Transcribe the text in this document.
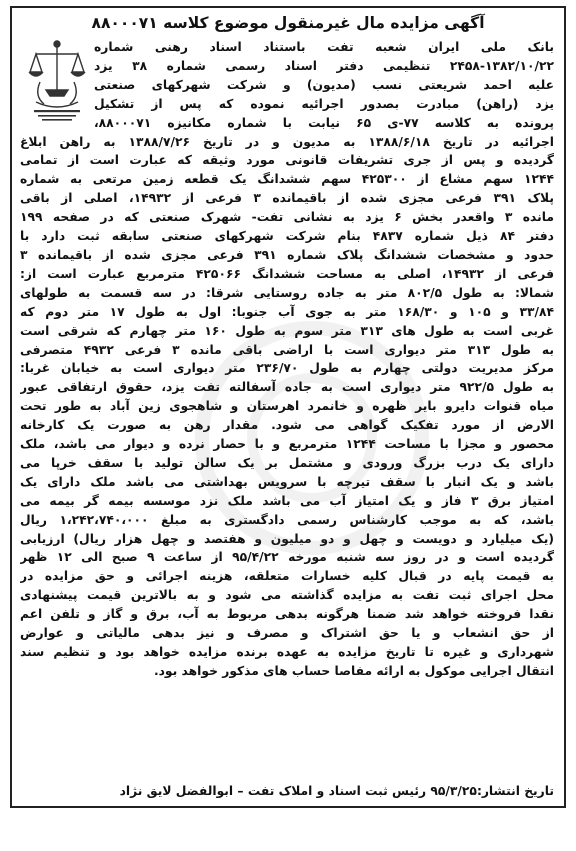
آگهی مزایده مال غیرمنقول موضوع کلاسه ۸۸۰۰۰۷۱
بانک ملی ایران شعبه تفت باستناد اسناد رهنی شماره
۲۴۵۸-۱۳۸۲/۱۰/۲۲ تنظیمی دفتر اسناد رسمی شماره ۳۸ یزد
علیه احمد شریعتی نسب (مدیون) و شرکت شهرکهای صنعتی
یزد (راهن) مبادرت بصدور اجرائیه نموده که پس از تشکیل
پرونده به کلاسه ۷۷-ی ۶۵ نیابت با شماره مکانیزه ۸۸۰۰۰۷۱،
اجرائیه در تاریخ ۱۳۸۸/۶/۱۸ به مدیون و در تاریخ ۱۳۸۸/۷/۲۶ به راهن ابلاغ
گردیده و پس از جری تشریفات قانونی مورد وثیقه که عبارت است از تمامی
۱۲۴۴ سهم مشاع از ۴۲۵۳۰۰ سهم ششدانگ یک قطعه زمین مرتعی به شماره
پلاک ۳۹۱ فرعی مجزی شده از باقیمانده ۳ فرعی از ۱۴۹۳۲، اصلی از باقی
مانده ۳ واقعدر بخش ۶ یزد به نشانی تفت- شهرک صنعتی که در صفحه ۱۹۹
دفتر ۸۴ ذیل شماره ۴۸۳۷ بنام شرکت شهرکهای صنعتی سابقه ثبت دارد با
حدود و مشخصات ششدانگ پلاک شماره ۳۹۱ فرعی مجزی شده از باقیمانده ۳
فرعی از ۱۴۹۳۲، اصلی به مساحت ششدانگ ۴۲۵۰۶۶ مترمربع عبارت است از:
شمالا: به طول ۸۰۲/۵ متر به جاده روستایی شرقا: در سه قسمت به طولهای
۳۳/۸۴ و ۱۰۵ و ۱۶۸/۳۰ متر به جوی آب جنوبا: اول به طول ۱۷ متر دوم که
غربی است به طول های ۳۱۳ متر سوم به طول ۱۶۰ متر چهارم که شرقی است
به طول ۳۱۳ متر دیواری است با اراضی باقی مانده ۳ فرعی ۴۹۳۲ متصرفی
مرکز مدیریت دولتی چهارم به طول ۲۳۶/۷۰ متر دیواری است به خیابان غربا:
به طول ۹۲۲/۵ متر دیواری است به جاده آسفالته تفت یزد، حقوق ارتفاقی عبور
میاه قنوات دایرو بایر ظهره و خانمرد اهرستان و شاهجوی زین آباد به طور تحت
الارض از مورد تفکیک گواهی می شود. مقدار رهن به صورت یک کارخانه
محصور و مجزا با مساحت ۱۲۴۴ مترمربع و با حصار نرده و دیوار می باشد، ملک
دارای یک درب بزرگ ورودی و مشتمل بر یک سالن تولید با سقف خرپا می
باشد و یک انبار با سقف تیرچه با سرویس بهداشتی می باشد ملک دارای یک
امتیاز برق ۳ فاز و یک امتیاز آب می باشد ملک نزد موسسه بیمه گر بیمه می
باشد، که به موجب کارشناس رسمی دادگستری به مبلغ ۱،۲۴۲،۷۴۰،۰۰۰ ریال
(یک میلیارد و دویست و چهل و دو میلیون و هفتصد و چهل هزار ریال) ارزیابی
گردیده است و در روز سه شنبه مورخه ۹۵/۴/۲۲ از ساعت ۹ صبح الی ۱۲ ظهر
به قیمت پایه در قبال کلیه خسارات متعلقه، هزینه اجرائی و حق مزایده در
محل اجرای ثبت تفت به مزایده گذاشته می شود و به بالاترین قیمت پیشنهادی
نقدا فروخته خواهد شد ضمنا هرگونه بدهی مربوط به آب، برق و گاز و تلفن اعم
از حق انشعاب و یا حق اشتراک و مصرف و نیز بدهی مالیاتی و عوارض
شهرداری و غیره تا تاریخ مزایده به عهده برنده مزایده خواهد بود و تنظیم سند
انتقال اجرایی موکول به ارائه مفاصا حساب های مذکور خواهد بود.
تاریخ انتشار:۹۵/۳/۲۵ رئیس ثبت اسناد و املاک تفت – ابوالفضل لایق نژاد
